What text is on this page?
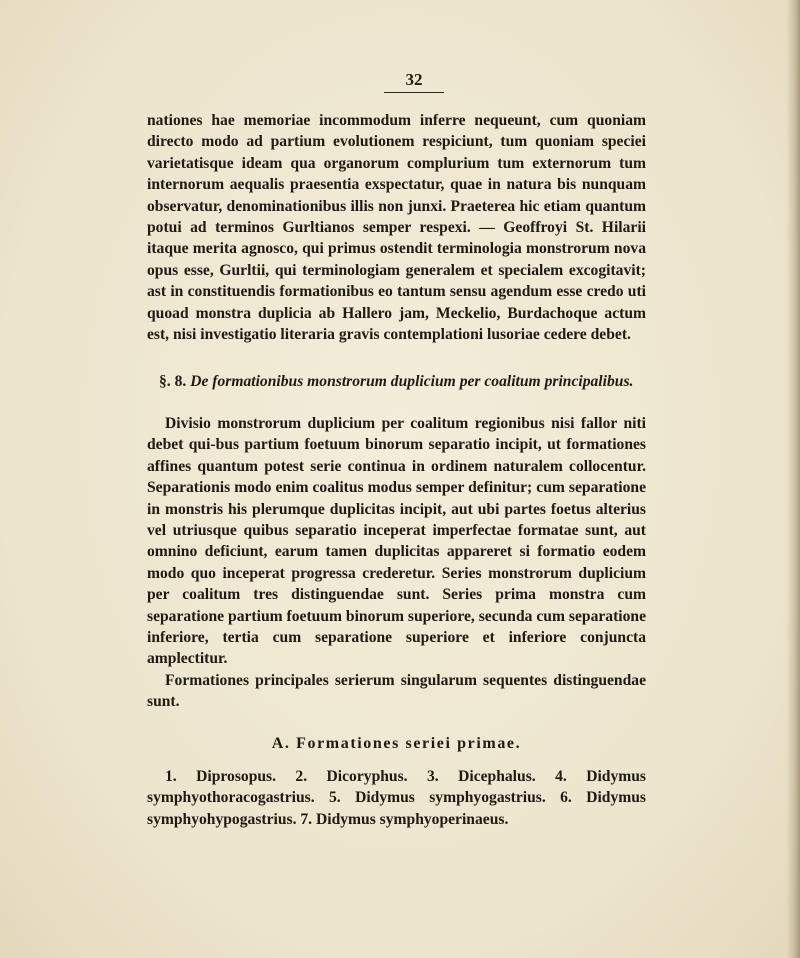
32

nationes hae memoriae incommodum inferre nequeunt, cum quoniam directo modo ad partium evolutionem respiciunt, tum quoniam speciei varietatisque ideam qua organorum complurium tum externorum tum internorum aequalis praesentia exspectatur, quae in natura bis nunquam observatur, denominationibus illis non junxi. Praeterea hic etiam quantum potui ad terminos Gurltianos semper respexi. — Geoffroyi St. Hilarii itaque merita agnosco, qui primus ostendit terminologia monstrorum nova opus esse, Gurltii, qui terminologiam generalem et specialem excogitavit; ast in constituendis formationibus eo tantum sensu agendum esse credo uti quoad monstra duplicia ab Hallero jam, Meckelio, Burdachoque actum est, nisi investigatio literaria gravis contemplationi lusoriae cedere debet.

§. 8. De formationibus monstrorum duplicium per coalitum principalibus.

Divisio monstrorum duplicium per coalitum regionibus nisi fallor niti debet qui-bus partium foetuum binorum separatio incipit, ut formationes affines quantum potest serie continua in ordinem naturalem collocentur. Separationis modo enim coalitus modus semper definitur; cum separatione in monstris his plerumque duplicitas incipit, aut ubi partes foetus alterius vel utriusque quibus separatio inceperat imperfectae formatae sunt, aut omnino deficiunt, earum tamen duplicitas appareret si formatio eodem modo quo inceperat progressa crederetur. Series monstrorum duplicium per coalitum tres distinguendae sunt. Series prima monstra cum separatione partium foetuum binorum superiore, secunda cum separatione inferiore, tertia cum separatione superiore et inferiore conjuncta amplectitur.

Formationes principales serierum singularum sequentes distinguendae sunt.

A. Formationes seriei primae.

1. Diprosopus. 2. Dicoryphus. 3. Dicephalus. 4. Didymus symphyothoracogastrius. 5. Didymus symphyogastrius. 6. Didymus symphyohypogastrius. 7. Didymus symphyoperinaeus.
